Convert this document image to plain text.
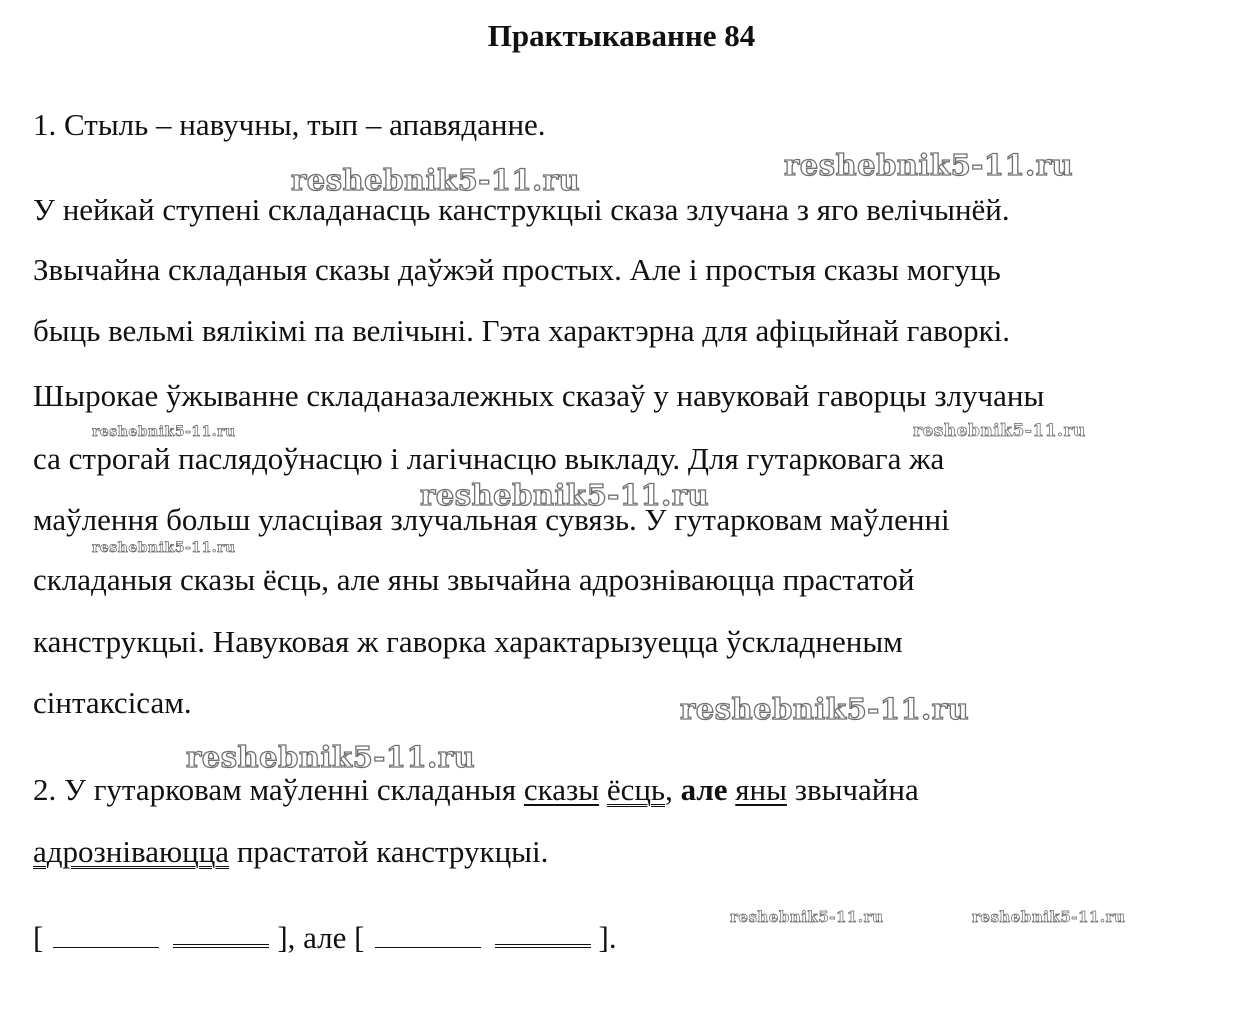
Практыкаванне 84
1. Стыль – навучны, тып – апавяданне.
У нейкай ступені складанасць канструкцыі сказа злучана з яго велічынёй.
Звычайна складаныя сказы даўжэй простых. Але і простыя сказы могуць
быць вельмі вялікімі па велічыні. Гэта характэрна для афіцыйнай гаворкі.
Шырокае ўжыванне складаназалежных сказаў у навуковай гаворцы злучаны
са строгай паслядоўнасцю і лагічнасцю выкладу. Для гутарковага жа
маўлення больш уласцівая злучальная сувязь. У гутарковам маўленні
складаныя сказы ёсць, але яны звычайна адрозніваюцца прастатой
канструкцыі. Навуковая ж гаворка характарызуецца ўскладненым
сінтаксісам.
2. У гутарковам маўленні складаныя сказы ёсць, але яны звычайна
адрозніваюцца прастатой канструкцыі.
[	], але [	].
reshebnik5-11.ru	reshebnik5-11.ru
reshebnik5-11.ru	reshebnik5-11.ru
reshebnik5-11.ru
reshebnik5-11.ru
reshebnik5-11.ru
reshebnik5-11.ru
reshebnik5-11.ru	reshebnik5-11.ru
